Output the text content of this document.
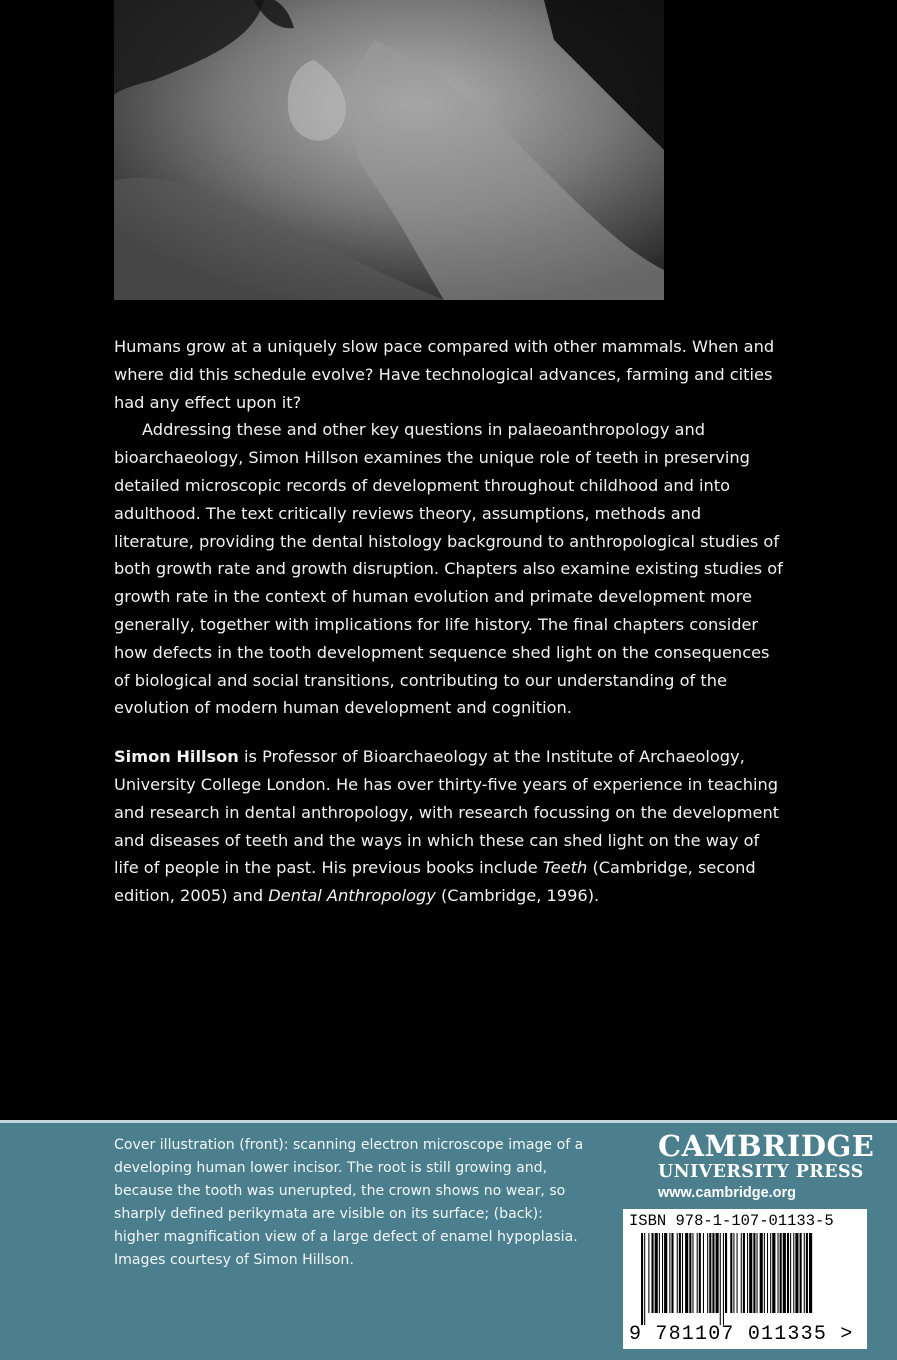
Humans grow at a uniquely slow pace compared with other mammals. When and where did this schedule evolve? Have technological advances, farming and cities had any effect upon it?

Addressing these and other key questions in palaeoanthropology and bioarchaeology, Simon Hillson examines the unique role of teeth in preserving detailed microscopic records of development throughout childhood and into adulthood. The text critically reviews theory, assumptions, methods and literature, providing the dental histology background to anthropological studies of both growth rate and growth disruption. Chapters also examine existing studies of growth rate in the context of human evolution and primate development more generally, together with implications for life history. The final chapters consider how defects in the tooth development sequence shed light on the consequences of biological and social transitions, contributing to our understanding of the evolution of modern human development and cognition.

Simon Hillson is Professor of Bioarchaeology at the Institute of Archaeology, University College London. He has over thirty-five years of experience in teaching and research in dental anthropology, with research focussing on the development and diseases of teeth and the ways in which these can shed light on the way of life of people in the past. His previous books include Teeth (Cambridge, second edition, 2005) and Dental Anthropology (Cambridge, 1996).

Cover illustration (front): scanning electron microscope image of a developing human lower incisor. The root is still growing and, because the tooth was unerupted, the crown shows no wear, so sharply defined perikymata are visible on its surface; (back): higher magnification view of a large defect of enamel hypoplasia. Images courtesy of Simon Hillson.
CAMBRIDGE
UNIVERSITY PRESS
www.cambridge.org
ISBN 978-1-107-01133-5
9 781107 011335 >
